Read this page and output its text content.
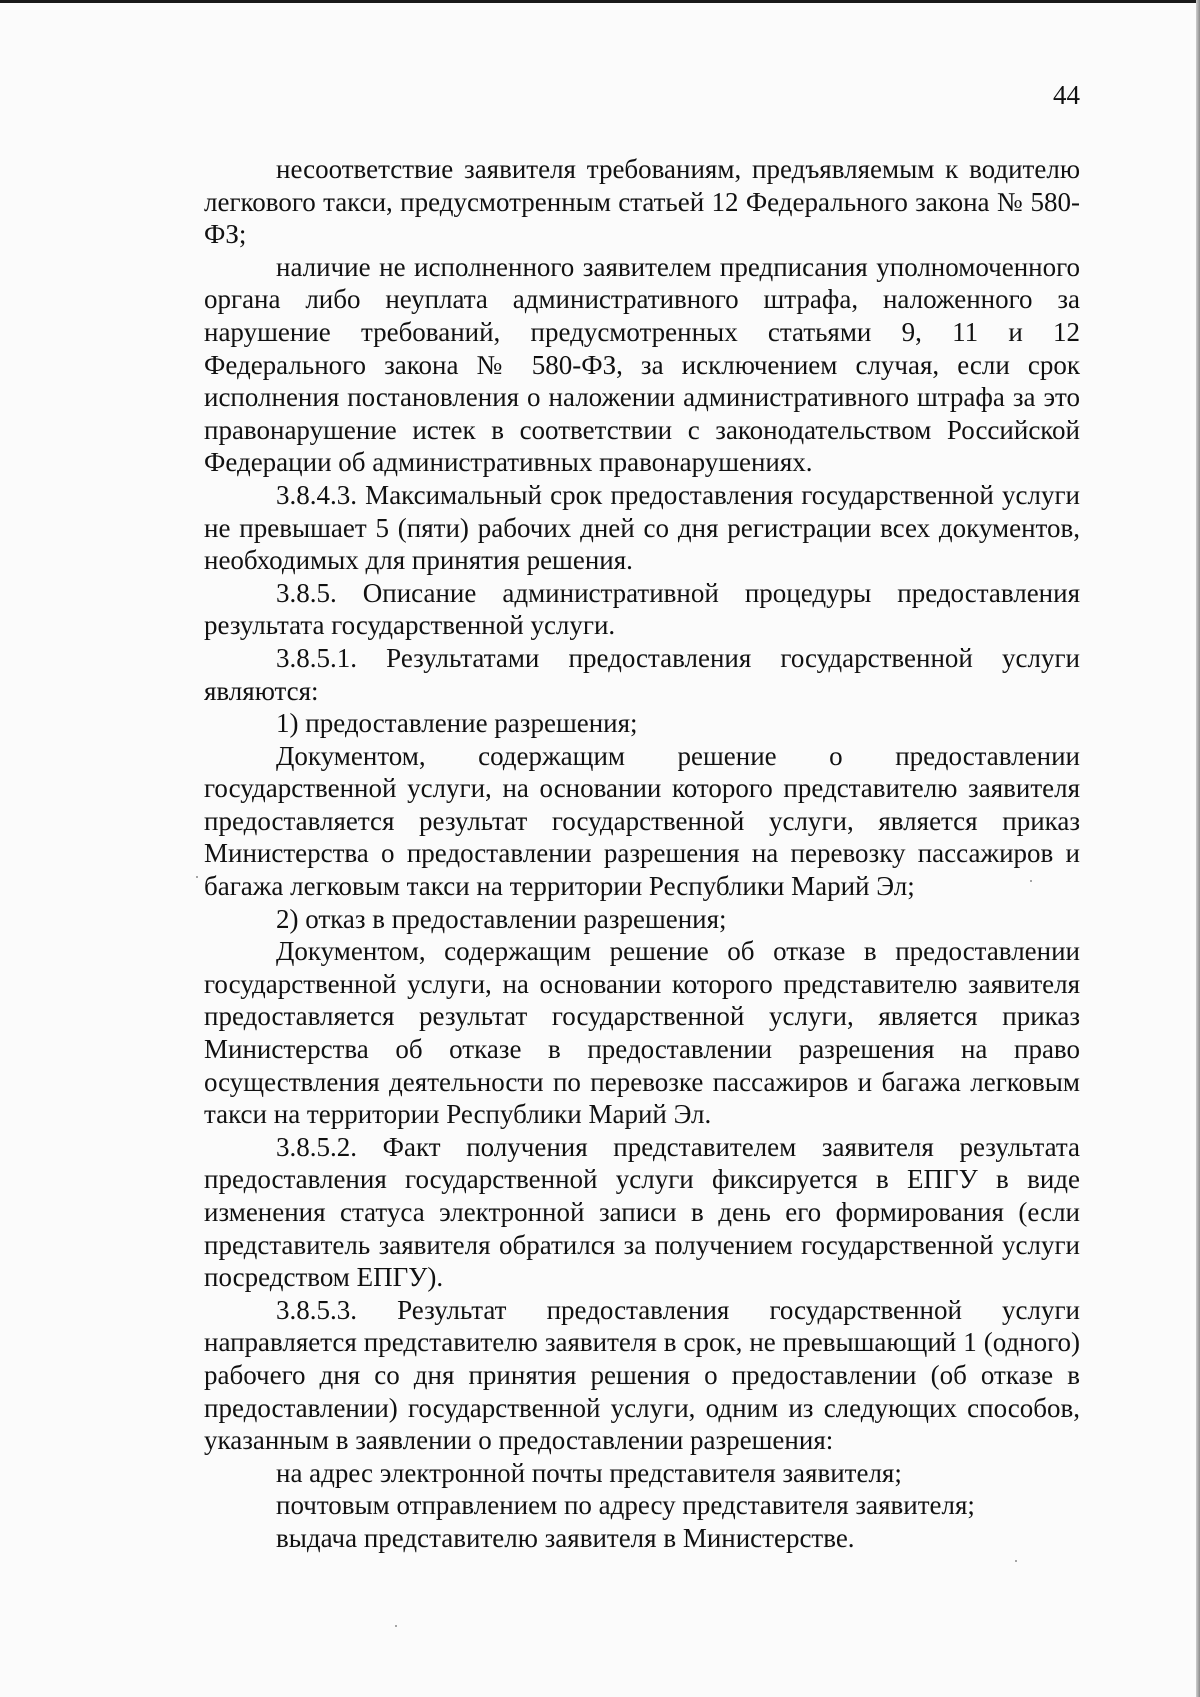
44

несоответствие заявителя требованиям, предъявляемым к водителю легкового такси, предусмотренным статьей 12 Федерального закона № 580-ФЗ;

наличие не исполненного заявителем предписания уполномоченного органа либо неуплата административного штрафа, наложенного за нарушение требований, предусмотренных статьями 9, 11 и 12 Федерального закона № 580-ФЗ, за исключением случая, если срок исполнения постановления о наложении административного штрафа за это правонарушение истек в соответствии с законодательством Российской Федерации об административных правонарушениях.

3.8.4.3. Максимальный срок предоставления государственной услуги не превышает 5 (пяти) рабочих дней со дня регистрации всех документов, необходимых для принятия решения.

3.8.5. Описание административной процедуры предоставления результата государственной услуги.

3.8.5.1. Результатами предоставления государственной услуги являются:

1) предоставление разрешения;

Документом, содержащим решение о предоставлении государственной услуги, на основании которого представителю заявителя предоставляется результат государственной услуги, является приказ Министерства о предоставлении разрешения на перевозку пассажиров и багажа легковым такси на территории Республики Марий Эл;

2) отказ в предоставлении разрешения;

Документом, содержащим решение об отказе в предоставлении государственной услуги, на основании которого представителю заявителя предоставляется результат государственной услуги, является приказ Министерства об отказе в предоставлении разрешения на право осуществления деятельности по перевозке пассажиров и багажа легковым такси на территории Республики Марий Эл.

3.8.5.2. Факт получения представителем заявителя результата предоставления государственной услуги фиксируется в ЕПГУ в виде изменения статуса электронной записи в день его формирования (если представитель заявителя обратился за получением государственной услуги посредством ЕПГУ).

3.8.5.3. Результат предоставления государственной услуги направляется представителю заявителя в срок, не превышающий 1 (одного) рабочего дня со дня принятия решения о предоставлении (об отказе в предоставлении) государственной услуги, одним из следующих способов, указанным в заявлении о предоставлении разрешения:

на адрес электронной почты представителя заявителя;

почтовым отправлением по адресу представителя заявителя;

выдача представителю заявителя в Министерстве.
